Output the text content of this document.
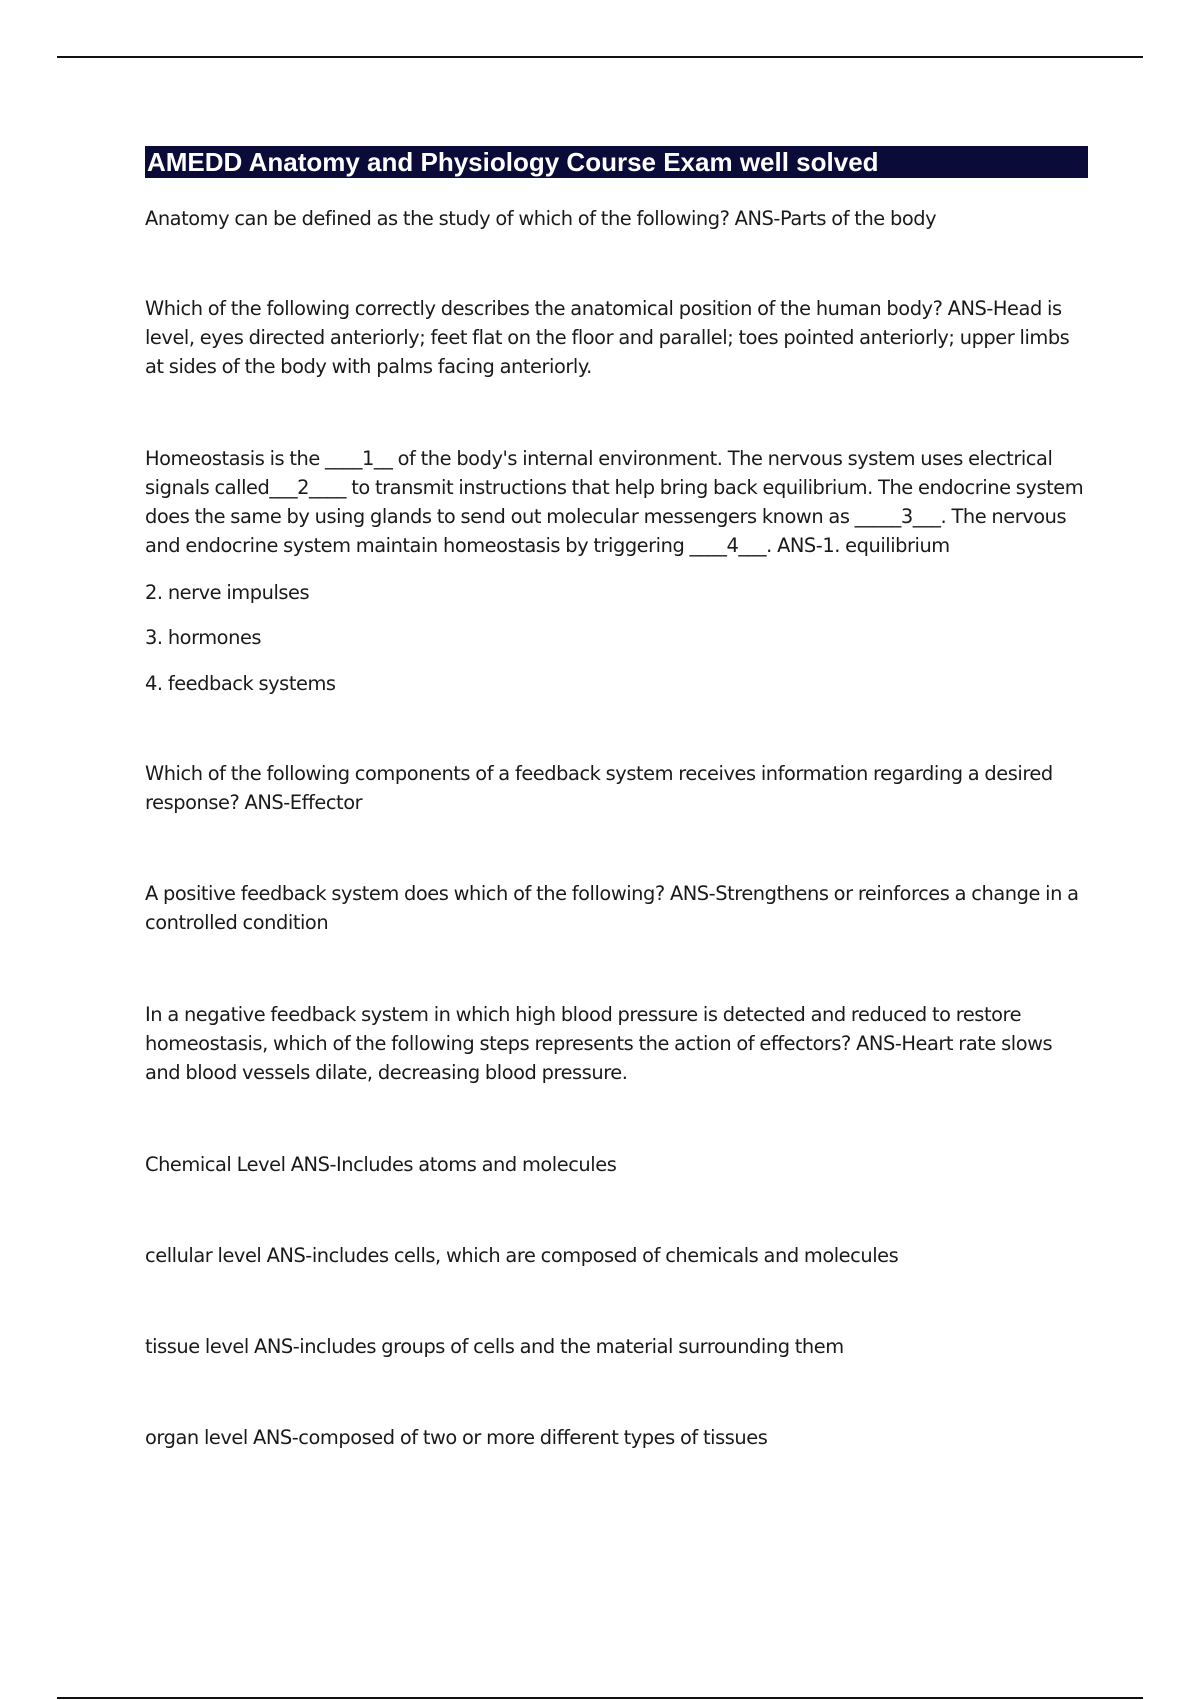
AMEDD Anatomy and Physiology Course Exam well solved

Anatomy can be defined as the study of which of the following? ANS-Parts of the body

Which of the following correctly describes the anatomical position of the human body? ANS-Head is level, eyes directed anteriorly; feet flat on the floor and parallel; toes pointed anteriorly; upper limbs at sides of the body with palms facing anteriorly.

Homeostasis is the ____1__ of the body's internal environment. The nervous system uses electrical signals called___2____ to transmit instructions that help bring back equilibrium. The endocrine system does the same by using glands to send out molecular messengers known as _____3___. The nervous and endocrine system maintain homeostasis by triggering ____4___. ANS-1. equilibrium

2. nerve impulses

3. hormones

4. feedback systems

Which of the following components of a feedback system receives information regarding a desired response? ANS-Effector

A positive feedback system does which of the following? ANS-Strengthens or reinforces a change in a controlled condition

In a negative feedback system in which high blood pressure is detected and reduced to restore homeostasis, which of the following steps represents the action of effectors? ANS-Heart rate slows and blood vessels dilate, decreasing blood pressure.

Chemical Level ANS-Includes atoms and molecules

cellular level ANS-includes cells, which are composed of chemicals and molecules

tissue level ANS-includes groups of cells and the material surrounding them

organ level ANS-composed of two or more different types of tissues
